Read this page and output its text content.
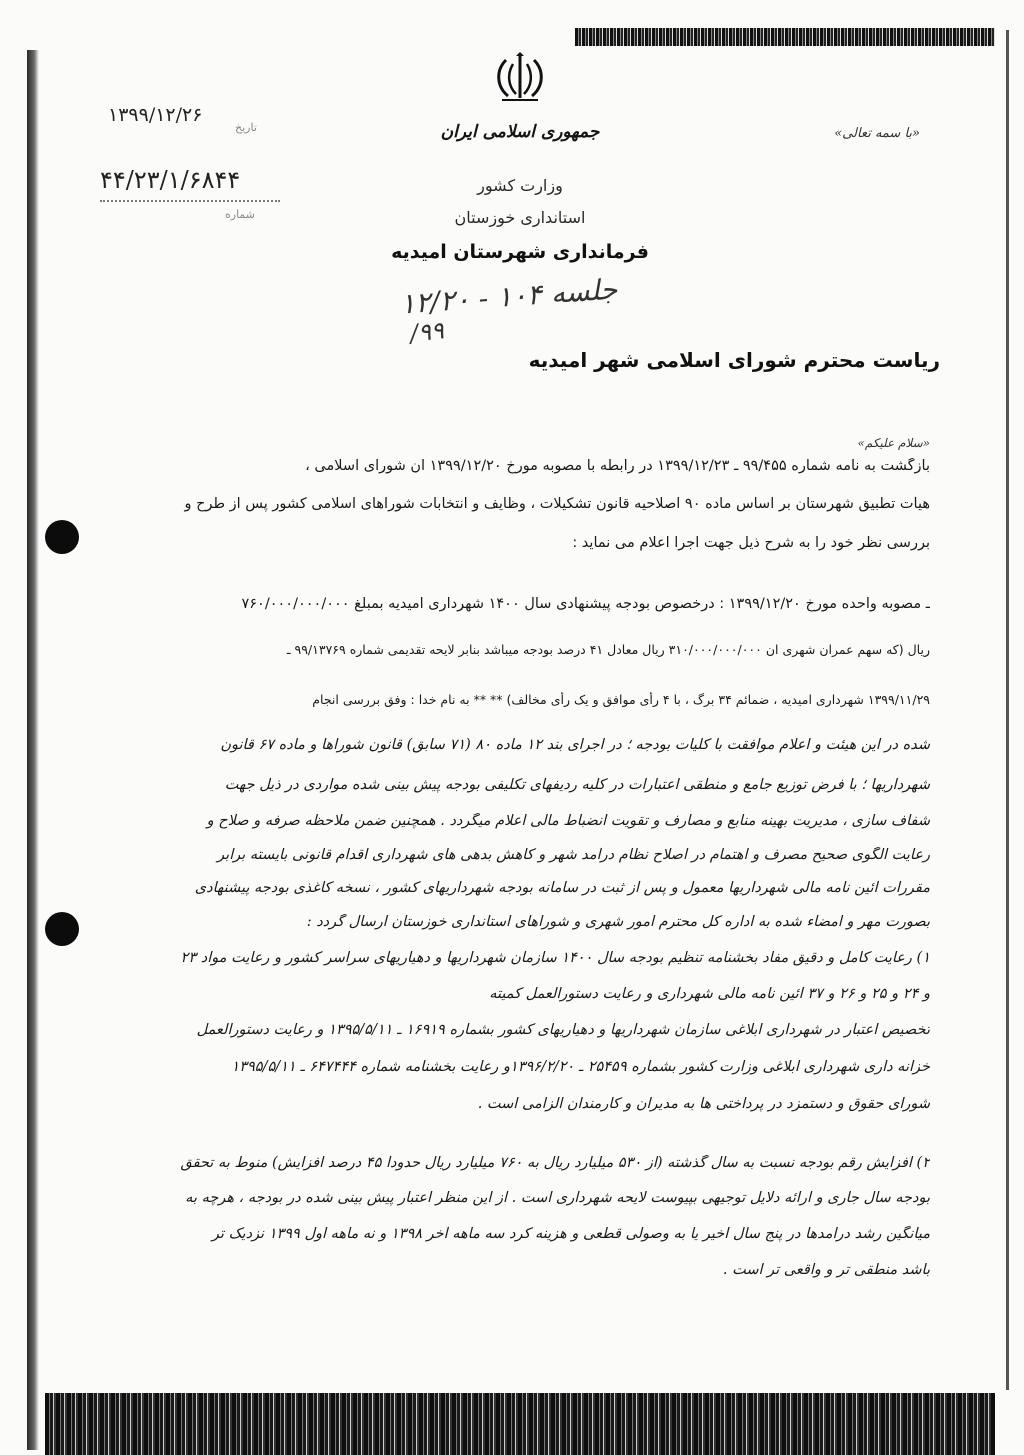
جمهوری اسلامی ایران
وزارت کشور
استانداری خوزستان
فرمانداری شهرستان امیدیه
«با سمه تعالی»
تاریخ
۱۳۹۹/۱۲/۲۶
شماره
۴۴/۲۳/۱/۶۸۴۴
جلسه ۱۰۴ - ۱۲/۲۰
۹۹/
ریاست محترم شورای اسلامی شهر امیدیه
«سلام علیکم»
بازگشت به نامه شماره ۹۹/۴۵۵ ـ ۱۳۹۹/۱۲/۲۳ در رابطه با مصوبه مورخ ۱۳۹۹/۱۲/۲۰ آن شورای اسلامی ،
هیأت تطبیق شهرستان بر اساس ماده ۹۰ اصلاحیه قانون تشکیلات ، وظایف و انتخابات شوراهای اسلامی کشور پس از طرح و
بررسی نظر خود را به شرح ذیل جهت اجرا اعلام می نماید :
ـ مصوبه واحده مورخ ۱۳۹۹/۱۲/۲۰ : درخصوص بودجه پیشنهادی سال ۱۴۰۰ شهرداری امیدیه بمبلغ ۷۶۰/۰۰۰/۰۰۰/۰۰۰
ریال (که سهم عمران شهری ان ۳۱۰/۰۰۰/۰۰۰/۰۰۰ ریال معادل ۴۱ درصد بودجه میباشد بنابر لایحه تقدیمی شماره ۹۹/۱۳۷۶۹ ـ
۱۳۹۹/۱۱/۲۹ شهرداری امیدیه ، ضمائم ۳۴ برگ ، با ۴ رأی موافق و یک رأی مخالف) ** ** به نام خدا : وفق بررسی انجام
شده در این هیئت و اعلام موافقت با کلیات بودجه ؛ در اجرای بند ۱۲ ماده ۸۰ (۷۱ سابق) قانون شوراها و ماده ۶۷ قانون
شهرداریها ؛ با فرض توزیع جامع و منطقی اعتبارات در کلیه ردیفهای تکلیفی بودجه پیش بینی شده مواردی در ذیل جهت
شفاف سازی ، مدیریت بهینه منابع و مصارف و تقویت انضباط مالی اعلام میگردد . همچنین ضمن ملاحظه صرفه و صلاح و
رعایت الگوی صحیح مصرف و اهتمام در اصلاح نظام درآمد شهر و کاهش بدهی های شهرداری اقدام قانونی بایسته برابر
مقررات آئین نامه مالی شهرداریها معمول و پس از ثبت در سامانه بودجه شهرداریهای کشور ، نسخه کاغذی بودجه پیشنهادی
بصورت مهر و امضاء شده به اداره کل محترم امور شهری و شوراهای استانداری خوزستان ارسال گردد :
۱) رعایت کامل و دقیق مفاد بخشنامه تنظیم بودجه سال ۱۴۰۰ سازمان شهرداریها و دهیاریهای سراسر کشور و رعایت مواد ۲۳
و ۲۴ و ۲۵ و ۲۶ و ۳۷ آئین نامه مالی شهرداری و رعایت دستورالعمل کمیته
تخصیص اعتبار در شهرداری ابلاغی سازمان شهرداریها و دهیاریهای کشور بشماره ۱۶۹۱۹ ـ ۱۳۹۵/۵/۱۱ و رعایت دستورالعمل
خزانه داری شهرداری ابلاغی وزارت کشور بشماره ۲۵۴۵۹ ـ ۱۳۹۶/۲/۲۰و رعایت بخشنامه شماره ۶۴۷۴۴۴ ـ ۱۳۹۵/۵/۱۱
شورای حقوق و دستمزد در پرداختی ها به مدیران و کارمندان الزامی است .
۲) افزایش رقم بودجه نسبت به سال گذشته (از ۵۳۰ میلیارد ریال به ۷۶۰ میلیارد ریال حدودا ۴۵ درصد افزایش) منوط به تحقق
بودجه سال جاری و ارائه دلایل توجیهی بپیوست لایحه شهرداری است . از این منظر اعتبار پیش بینی شده در بودجه ، هرچه به
میانگین رشد درآمدها در پنج سال اخیر یا به وصولی قطعی و هزینه کرد سه ماهه آخر ۱۳۹۸ و نه ماهه اول ۱۳۹۹ نزدیک تر
باشد منطقی تر و واقعی تر است .
